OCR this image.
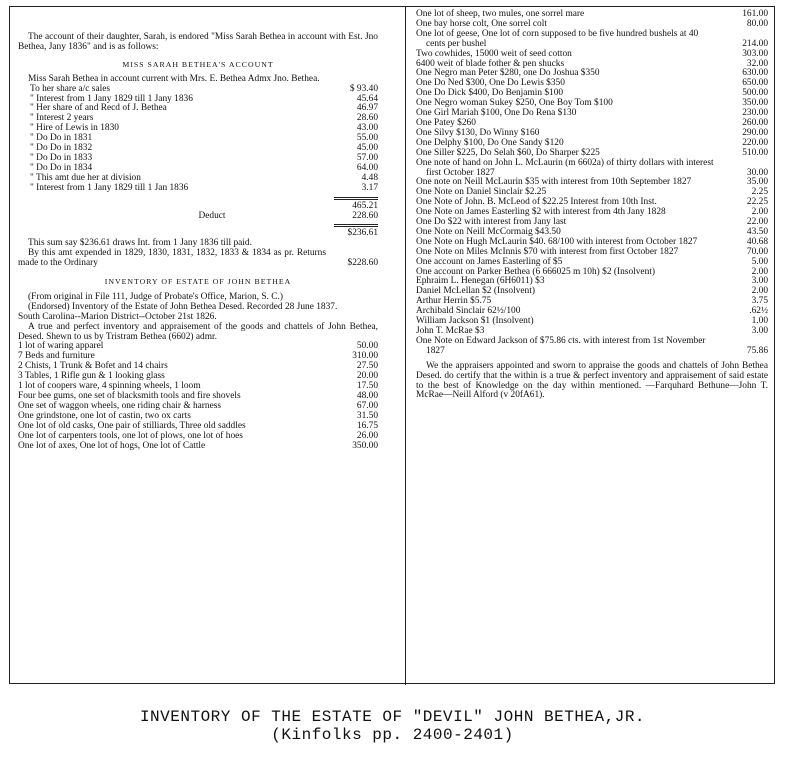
The account of their daughter, Sarah, is endored "Miss Sarah Bethea in account with Est. Jno Bethea, Jany 1836" and is as follows:

MISS SARAH BETHEA'S ACCOUNT

Miss Sarah Bethea in account current with Mrs. E. Bethea Admx Jno. Bethea.

To her share a/c sales	$ 93.40
" Interest from 1 Jany 1829 till 1 Jany 1836	45.64
" Her share of and Recd of J. Bethea	46.97
" Interest 2 years	28.60
" Hire of Lewis in 1830	43.00
" Do Do in 1831	55.00
" Do Do in 1832	45.00
" Do Do in 1833	57.00
" Do Do in 1834	64.00
" This amt due her at division	4.48
" Interest from 1 Jany 1829 till 1 Jan 1836	3.17
465.21
Deduct	228.60
$236.61

This sum say $236.61 draws Int. from 1 Jany 1836 till paid.

By this amt expended in 1829, 1830, 1831, 1832, 1833 & 1834 as pr. Returns made to the Ordinary	$228.60
INVENTORY OF ESTATE OF JOHN BETHEA

(From original in File 111, Judge of Probate's Office, Marion, S. C.)

(Endorsed) Inventory of the Estate of John Bethea Desed. Recorded 28 June 1837.

South Carolina--Marion District--October 21st 1826.

A true and perfect inventory and appraisement of the goods and chattels of John Bethea, Desed. Shewn to us by Tristram Bethea (6602) admr.

1 lot of waring apparel	50.00
7 Beds and furniture	310.00
2 Chists, 1 Trunk & Bofet and 14 chairs	27.50
3 Tables, 1 Rifle gun & 1 looking glass	20.00
1 lot of coopers ware, 4 spinning wheels, 1 loom	17.50
Four bee gums, one set of blacksmith tools and fire shovels	48.00
One set of waggon wheels, one riding chair & harness	67.00
One grindstone, one lot of castin, two ox carts	31.50
One lot of old casks, One pair of stilliards, Three old saddles	16.75
One lot of carpenters tools, one lot of plows, one lot of hoes	26.00
One lot of axes, One lot of hogs, One lot of Cattle	350.00
One lot of sheep, two mules, one sorrel mare	161.00
One bay horse colt, One sorrel colt	80.00
One lot of geese, One lot of corn supposed to be five hundred bushels at 40 cents per bushel	214.00
Two cowhides, 15000 weit of seed cotton	303.00
6400 weit of blade fother & pen shucks	32.00
One Negro man Peter $280, one Do Joshua $350	630.00
One Do Ned $300, One Do Lewis $350	650.00
One Do Dick $400, Do Benjamin $100	500.00
One Negro woman Sukey $250, One Boy Tom $100	350.00
One Girl Mariah $100, One Do Rena $130	230.00
One Patey $260	260.00
One Silvy $130, Do Winny $160	290.00
One Delphy $100, Do One Sandy $120	220.00
One Siller $225, Do Selah $60, Do Sharper $225	510.00
One note of hand on John L. McLaurin (m 6602a) of thirty dollars with interest first October 1827	30.00
One note on Neill McLaurin $35 with interest from 10th September 1827	35.00
One Note on Daniel Sinclair $2.25	2.25
One Note of John. B. McLeod of $22.25 Interest from 10th Inst.	22.25
One Note on James Easterling $2 with interest from 4th Jany 1828	2.00
One Do $22 with interest from Jany last	22.00
One Note on Neill McCormaig $43.50	43.50
One Note on Hugh McLaurin $40. 68/100 with interest from October 1827	40.68
One Note on Miles McInnis $70 with interest from first October 1827	70.00
One account on James Easterling of $5	5.00
One account on Parker Bethea (6 666025 m 10h) $2 (Insolvent)	2.00
Ephraim L. Henegan (6H6011) $3	3.00
Daniel McLellan $2 (Insolvent)	2.00
Arthur Herrin $5.75	3.75
Archibald Sinclair 62½/100	.62½
William Jackson $1 (Insolvent)	1.00
John T. McRae $3	3.00
One Note on Edward Jackson of $75.86 cts. with interest from 1st November 1827	75.86

We the appraisers appointed and sworn to appraise the goods and chattels of John Bethea Desed. do certify that the within is a true & perfect inventory and appraisement of said estate to the best of Knowledge on the day within mentioned. —Farquhard Bethune—John T. McRae—Neill Alford (v 20fA61).

INVENTORY OF THE ESTATE OF "DEVIL" JOHN BETHEA,JR.
(Kinfolks pp. 2400-2401)
